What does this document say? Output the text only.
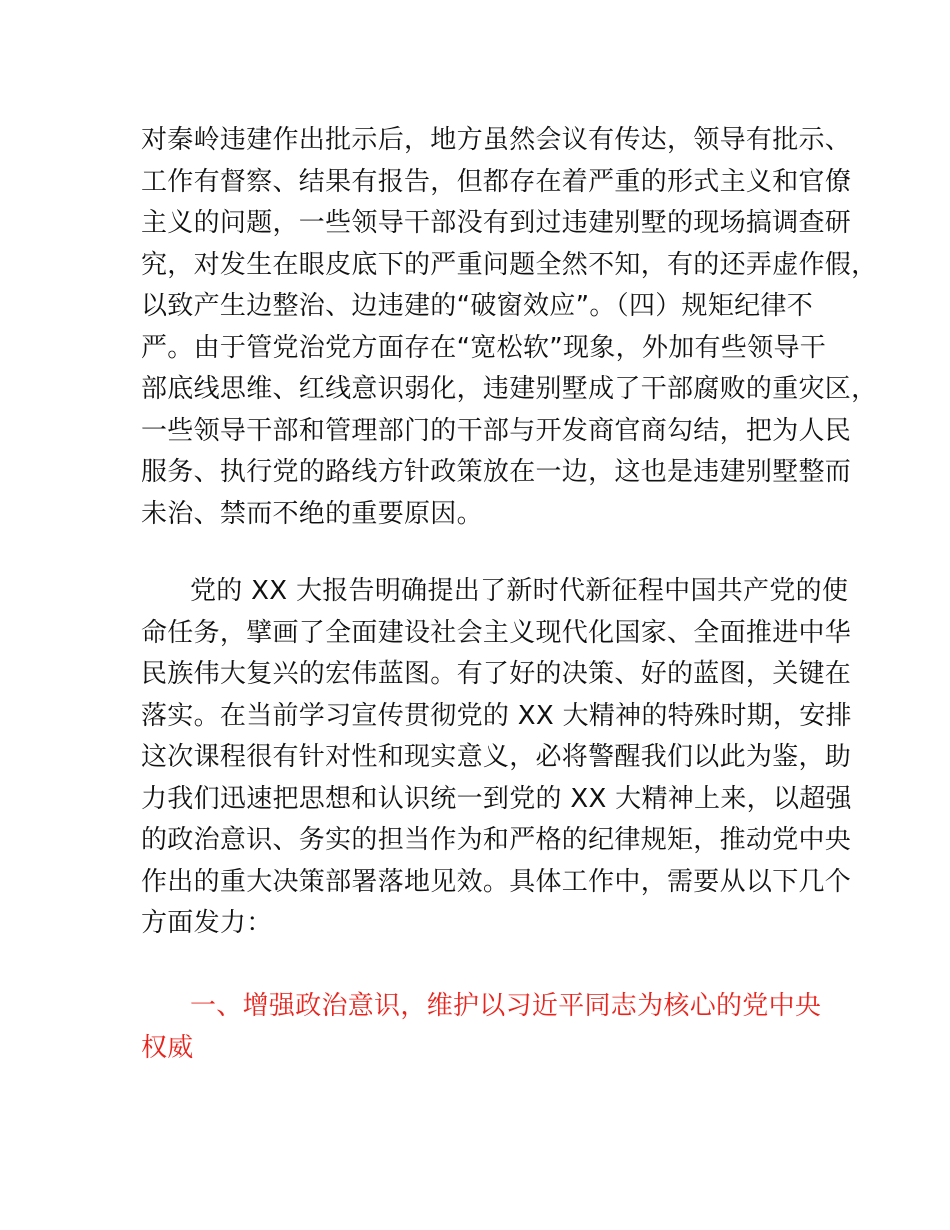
对秦岭违建作出批示后，地方虽然会议有传达，领导有批示、
工作有督察、结果有报告，但都存在着严重的形式主义和官僚
主义的问题，一些领导干部没有到过违建别墅的现场搞调查研
究，对发生在眼皮底下的严重问题全然不知，有的还弄虚作假，
以致产生边整治、边违建的“破窗效应”。（四）规矩纪律不
严。由于管党治党方面存在“宽松软”现象，外加有些领导干
部底线思维、红线意识弱化，违建别墅成了干部腐败的重灾区，
一些领导干部和管理部门的干部与开发商官商勾结，把为人民
服务、执行党的路线方针政策放在一边，这也是违建别墅整而
未治、禁而不绝的重要原因。
党的 XX 大报告明确提出了新时代新征程中国共产党的使
命任务，擘画了全面建设社会主义现代化国家、全面推进中华
民族伟大复兴的宏伟蓝图。有了好的决策、好的蓝图，关键在
落实。在当前学习宣传贯彻党的 XX 大精神的特殊时期，安排
这次课程很有针对性和现实意义，必将警醒我们以此为鉴，助
力我们迅速把思想和认识统一到党的 XX 大精神上来，以超强
的政治意识、务实的担当作为和严格的纪律规矩，推动党中央
作出的重大决策部署落地见效。具体工作中，需要从以下几个
方面发力：
一、增强政治意识，维护以习近平同志为核心的党中央
权威
